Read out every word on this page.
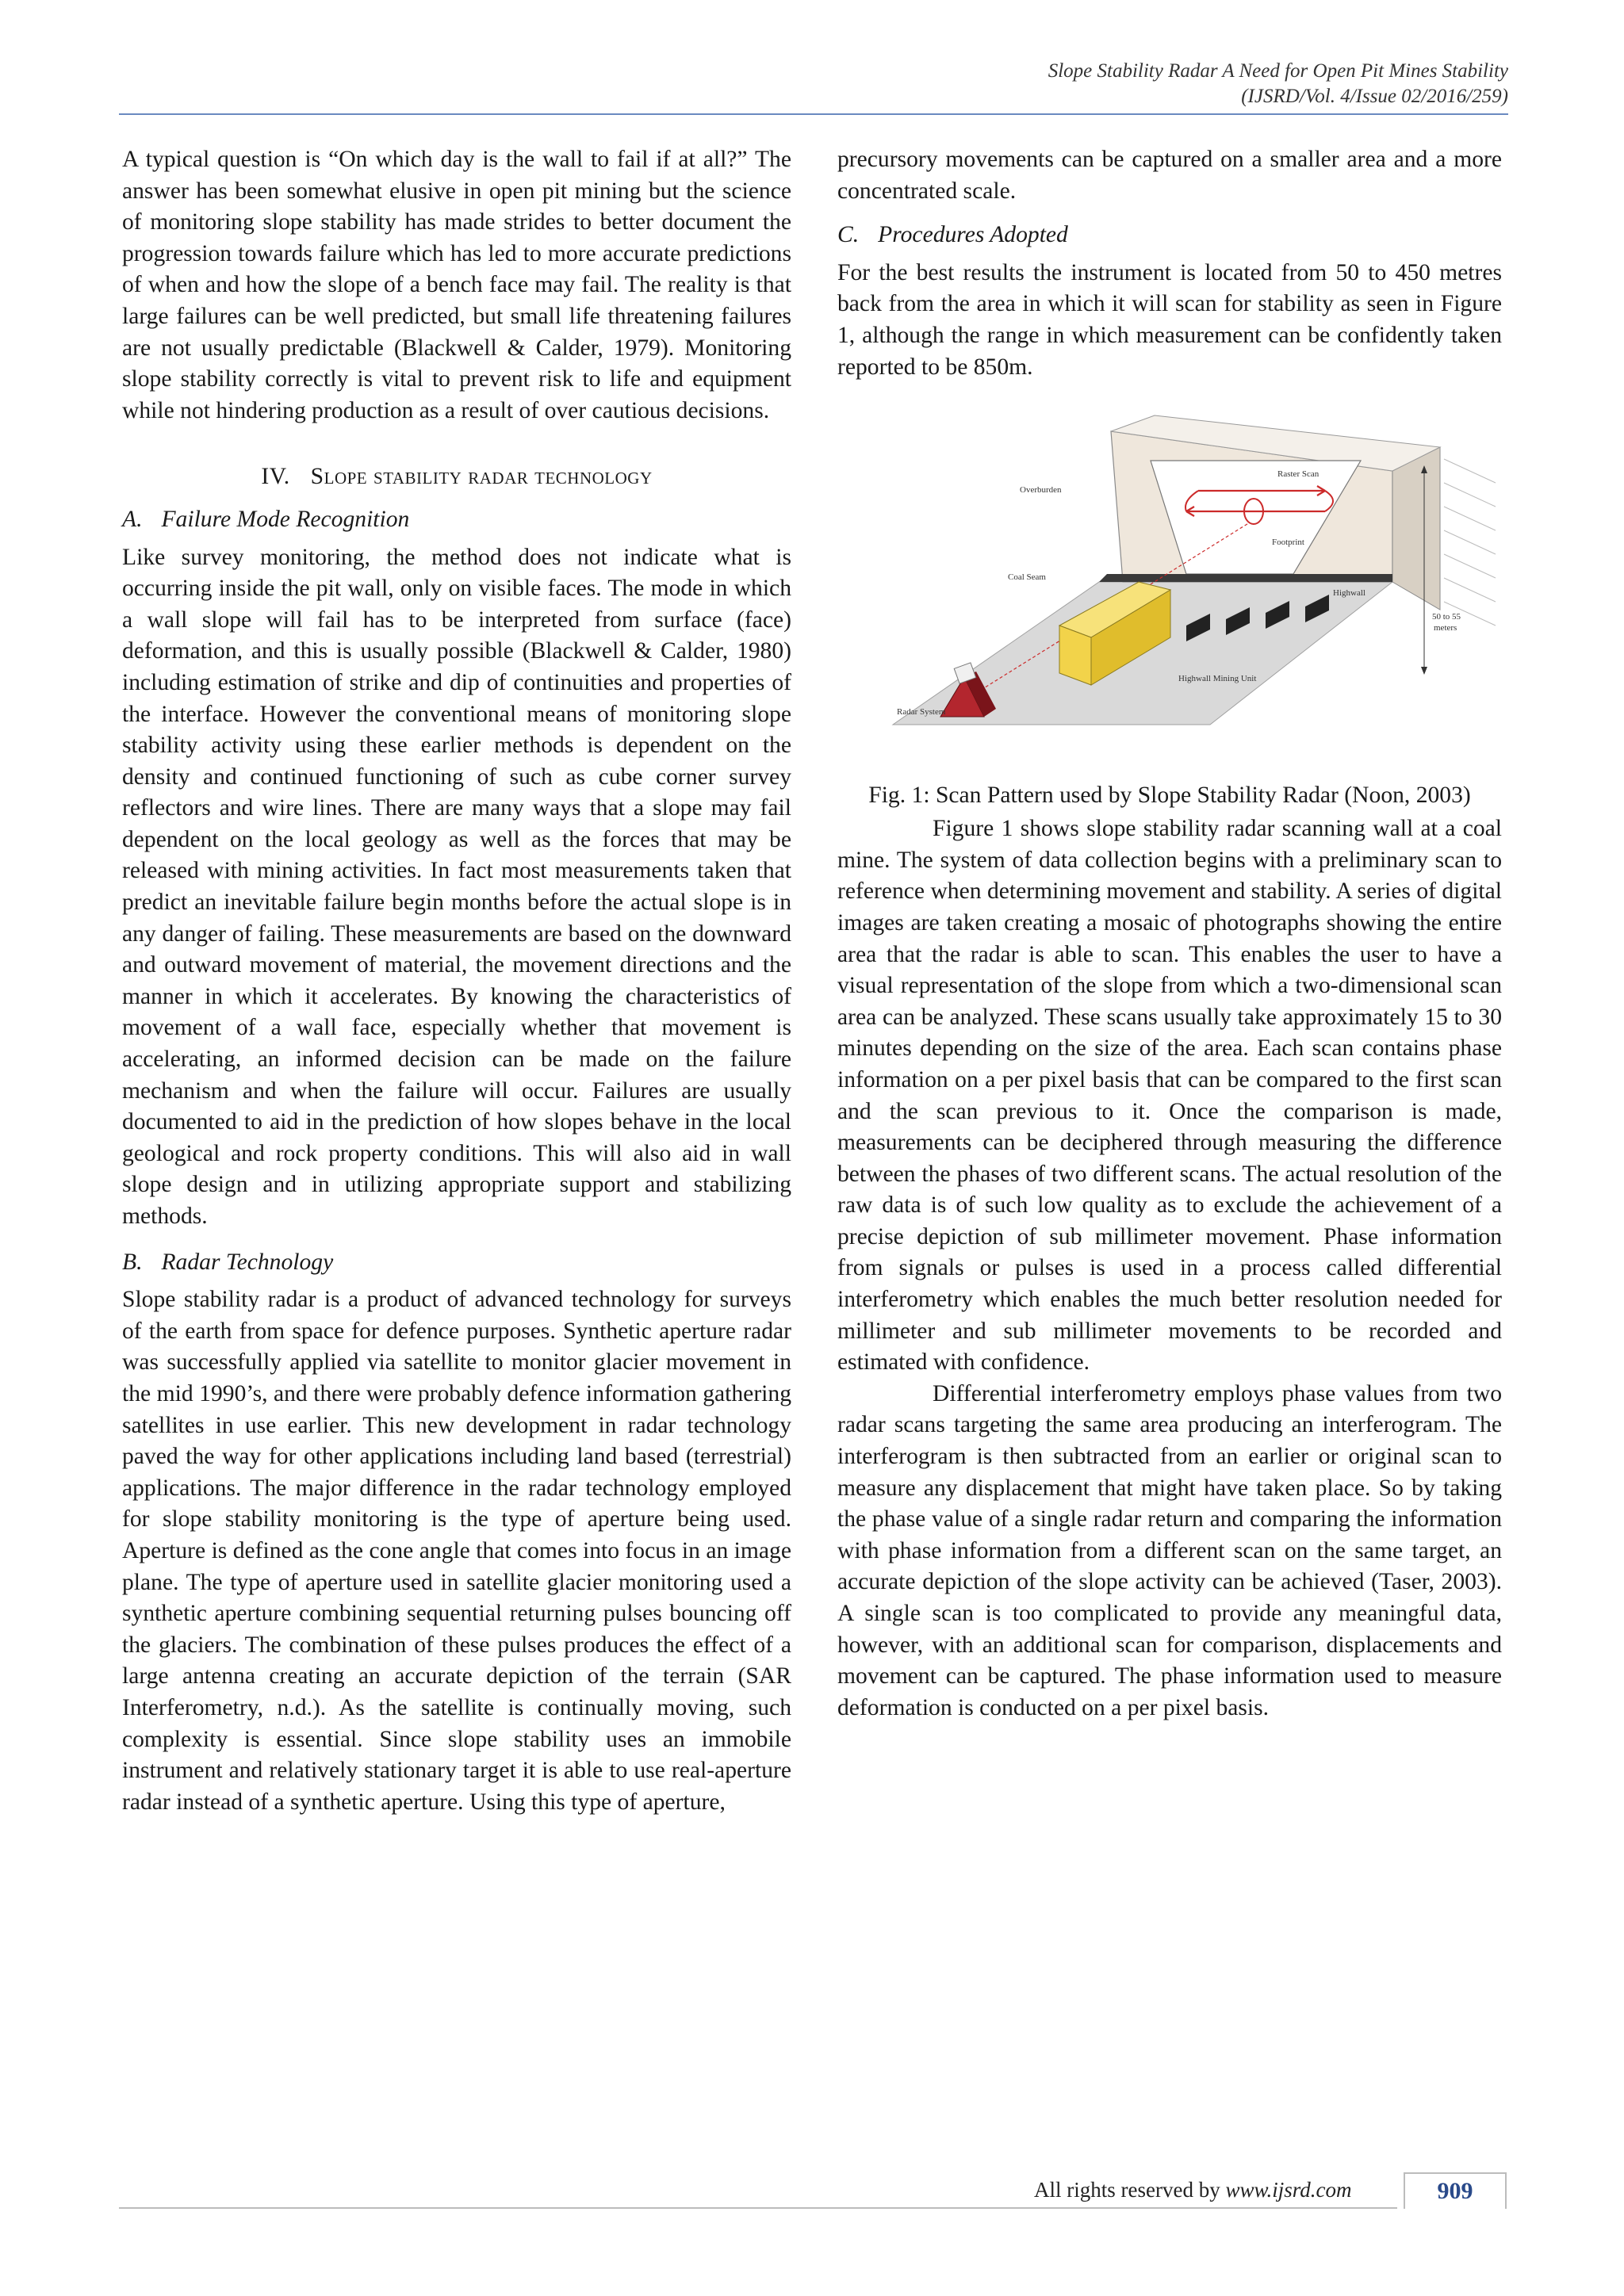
Slope Stability Radar A Need for Open Pit Mines Stability
(IJSRD/Vol. 4/Issue 02/2016/259)

A typical question is “On which day is the wall to fail if at all?” The answer has been somewhat elusive in open pit mining but the science of monitoring slope stability has made strides to better document the progression towards failure which has led to more accurate predictions of when and how the slope of a bench face may fail. The reality is that large failures can be well predicted, but small life threatening failures are not usually predictable (Blackwell & Calder, 1979). Monitoring slope stability correctly is vital to prevent risk to life and equipment while not hindering production as a result of over cautious decisions.

IV. Slope stability radar technology
A. Failure Mode Recognition

Like survey monitoring, the method does not indicate what is occurring inside the pit wall, only on visible faces. The mode in which a wall slope will fail has to be interpreted from surface (face) deformation, and this is usually possible (Blackwell & Calder, 1980) including estimation of strike and dip of continuities and properties of the interface. However the conventional means of monitoring slope stability activity using these earlier methods is dependent on the density and continued functioning of such as cube corner survey reflectors and wire lines. There are many ways that a slope may fail dependent on the local geology as well as the forces that may be released with mining activities. In fact most measurements taken that predict an inevitable failure begin months before the actual slope is in any danger of failing. These measurements are based on the downward and outward movement of material, the movement directions and the manner in which it accelerates. By knowing the characteristics of movement of a wall face, especially whether that movement is accelerating, an informed decision can be made on the failure mechanism and when the failure will occur. Failures are usually documented to aid in the prediction of how slopes behave in the local geological and rock property conditions. This will also aid in wall slope design and in utilizing appropriate support and stabilizing methods.

B. Radar Technology

Slope stability radar is a product of advanced technology for surveys of the earth from space for defence purposes. Synthetic aperture radar was successfully applied via satellite to monitor glacier movement in the mid 1990’s, and there were probably defence information gathering satellites in use earlier. This new development in radar technology paved the way for other applications including land based (terrestrial) applications. The major difference in the radar technology employed for slope stability monitoring is the type of aperture being used. Aperture is defined as the cone angle that comes into focus in an image plane. The type of aperture used in satellite glacier monitoring used a synthetic aperture combining sequential returning pulses bouncing off the glaciers. The combination of these pulses produces the effect of a large antenna creating an accurate depiction of the terrain (SAR Interferometry, n.d.). As the satellite is continually moving, such complexity is essential. Since slope stability uses an immobile instrument and relatively stationary target it is able to use real-aperture radar instead of a synthetic aperture. Using this type of aperture,

precursory movements can be captured on a smaller area and a more concentrated scale.

C. Procedures Adopted

For the best results the instrument is located from 50 to 450 metres back from the area in which it will scan for stability as seen in Figure 1, although the range in which measurement can be confidently taken reported to be 850m.

Overburden
Raster Scan
Footprint
Coal Seam
Highwall
50 to 55
meters
Highwall Mining Unit
Radar System
Fig. 1: Scan Pattern used by Slope Stability Radar (Noon, 2003)

Figure 1 shows slope stability radar scanning wall at a coal mine. The system of data collection begins with a preliminary scan to reference when determining movement and stability. A series of digital images are taken creating a mosaic of photographs showing the entire area that the radar is able to scan. This enables the user to have a visual representation of the slope from which a two-dimensional scan area can be analyzed. These scans usually take approximately 15 to 30 minutes depending on the size of the area. Each scan contains phase information on a per pixel basis that can be compared to the first scan and the scan previous to it. Once the comparison is made, measurements can be deciphered through measuring the difference between the phases of two different scans. The actual resolution of the raw data is of such low quality as to exclude the achievement of a precise depiction of sub millimeter movement. Phase information from signals or pulses is used in a process called differential interferometry which enables the much better resolution needed for millimeter and sub millimeter movements to be recorded and estimated with confidence.

Differential interferometry employs phase values from two radar scans targeting the same area producing an interferogram. The interferogram is then subtracted from an earlier or original scan to measure any displacement that might have taken place. So by taking the phase value of a single radar return and comparing the information with phase information from a different scan on the same target, an accurate depiction of the slope activity can be achieved (Taser, 2003). A single scan is too complicated to provide any meaningful data, however, with an additional scan for comparison, displacements and movement can be captured. The phase information used to measure deformation is conducted on a per pixel basis.

All rights reserved by www.ijsrd.com	909
